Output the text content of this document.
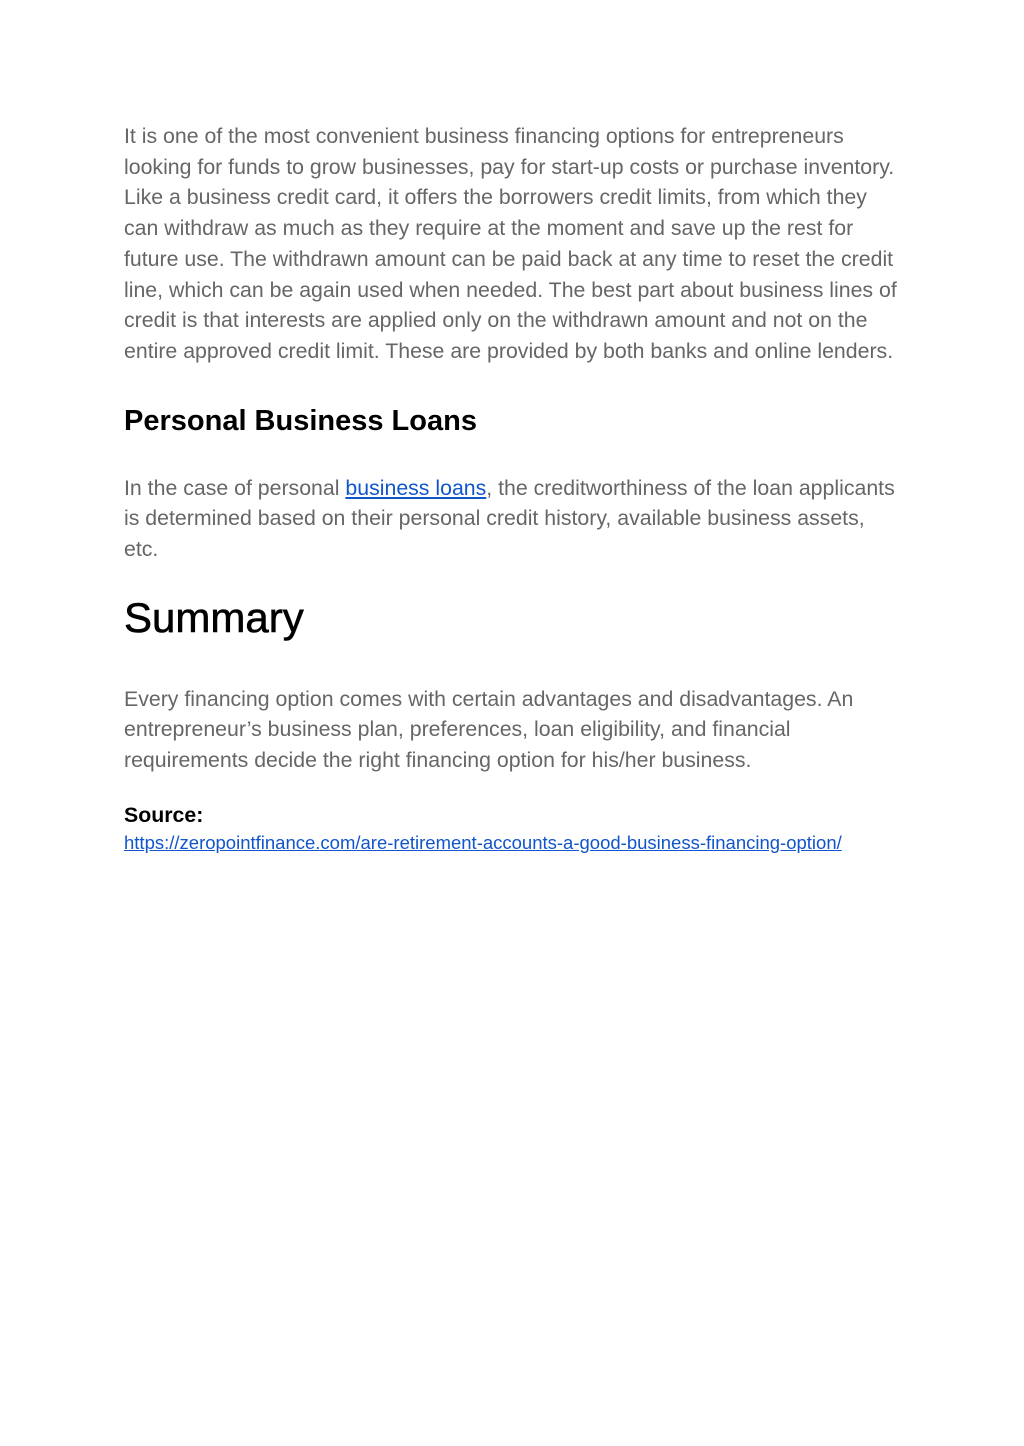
It is one of the most convenient business financing options for entrepreneurs looking for funds to grow businesses, pay for start-up costs or purchase inventory. Like a business credit card, it offers the borrowers credit limits, from which they can withdraw as much as they require at the moment and save up the rest for future use. The withdrawn amount can be paid back at any time to reset the credit line, which can be again used when needed. The best part about business lines of credit is that interests are applied only on the withdrawn amount and not on the entire approved credit limit. These are provided by both banks and online lenders.

Personal Business Loans

In the case of personal business loans, the creditworthiness of the loan applicants is determined based on their personal credit history, available business assets, etc.

Summary

Every financing option comes with certain advantages and disadvantages. An entrepreneur’s business plan, preferences, loan eligibility, and financial requirements decide the right financing option for his/her business.

Source:

https://zeropointfinance.com/are-retirement-accounts-a-good-business-financing-option/
